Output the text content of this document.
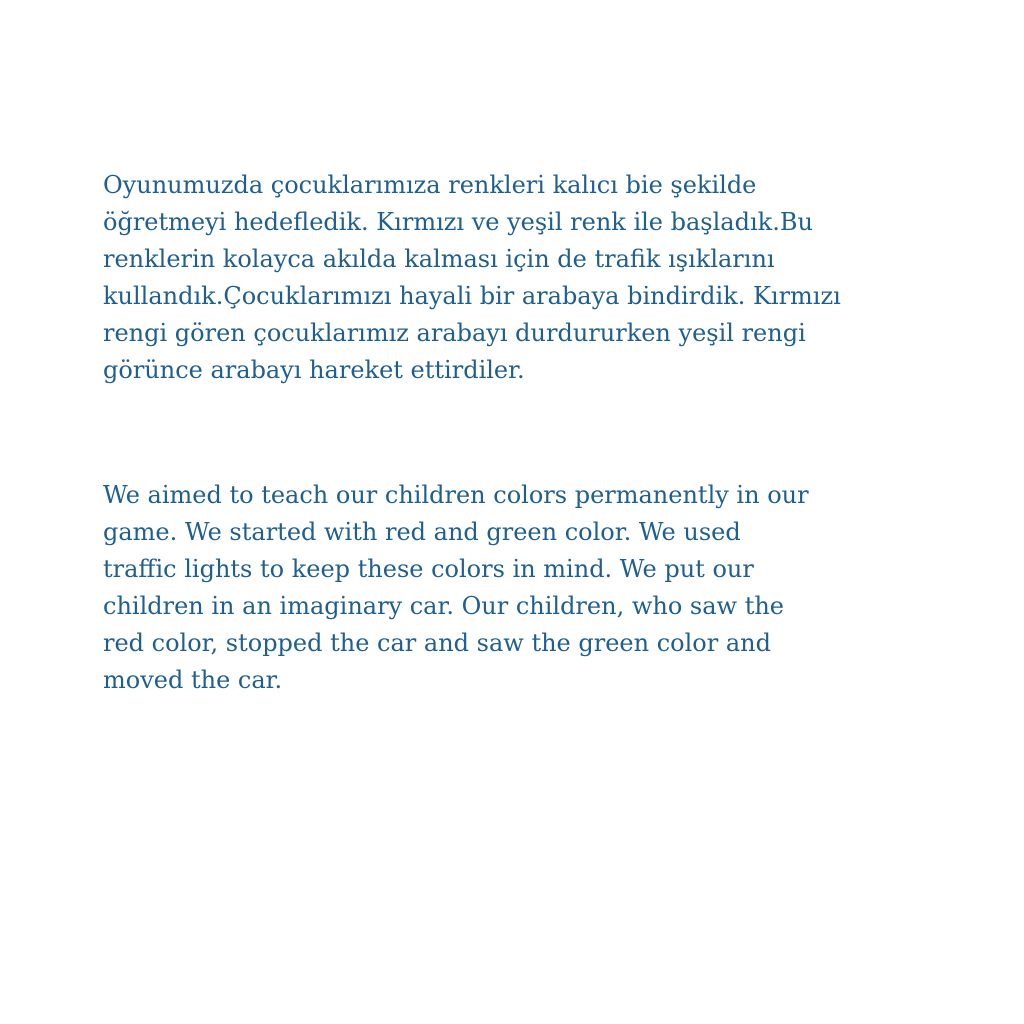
Oyunumuzda çocuklarımıza renkleri kalıcı bie şekilde
öğretmeyi hedefledik. Kırmızı ve yeşil renk ile başladık.Bu
renklerin kolayca akılda kalması için de trafik ışıklarını
kullandık.Çocuklarımızı hayali bir arabaya bindirdik. Kırmızı
rengi gören çocuklarımız arabayı durdururken yeşil rengi
görünce arabayı hareket ettirdiler.

We aimed to teach our children colors permanently in our
game. We started with red and green color. We used
traffic lights to keep these colors in mind. We put our
children in an imaginary car. Our children, who saw the
red color, stopped the car and saw the green color and
moved the car.
